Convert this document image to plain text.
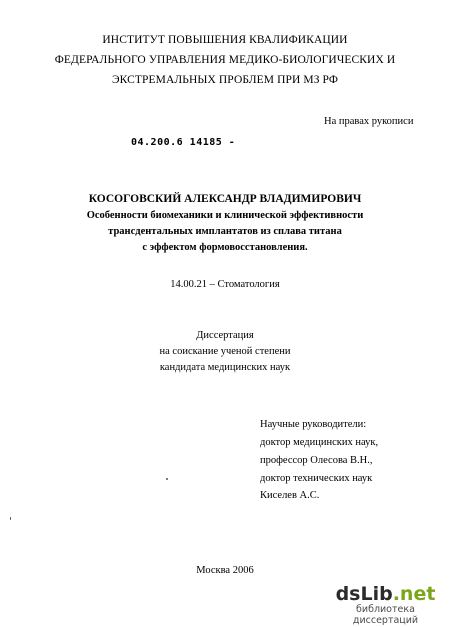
ИНСТИТУТ ПОВЫШЕНИЯ КВАЛИФИКАЦИИ
ФЕДЕРАЛЬНОГО УПРАВЛЕНИЯ МЕДИКО-БИОЛОГИЧЕСКИХ И
ЭКСТРЕМАЛЬНЫХ ПРОБЛЕМ ПРИ МЗ РФ
На правах рукописи
04.200.6 14185 -
КОСОГОВСКИЙ АЛЕКСАНДР ВЛАДИМИРОВИЧ
Особенности биомеханики и клинической эффективности
трансдентальных имплантатов из сплава титана
с эффектом формовосстановления.
14.00.21 – Стоматология
Диссертация
на соискание ученой степени
кандидата медицинских наук
Научные руководители:
доктор медицинских наук,
профессор Олесова В.Н.,
доктор технических наук
Киселев А.С.
Москва 2006
dsLib.net
библиотека диссертаций
